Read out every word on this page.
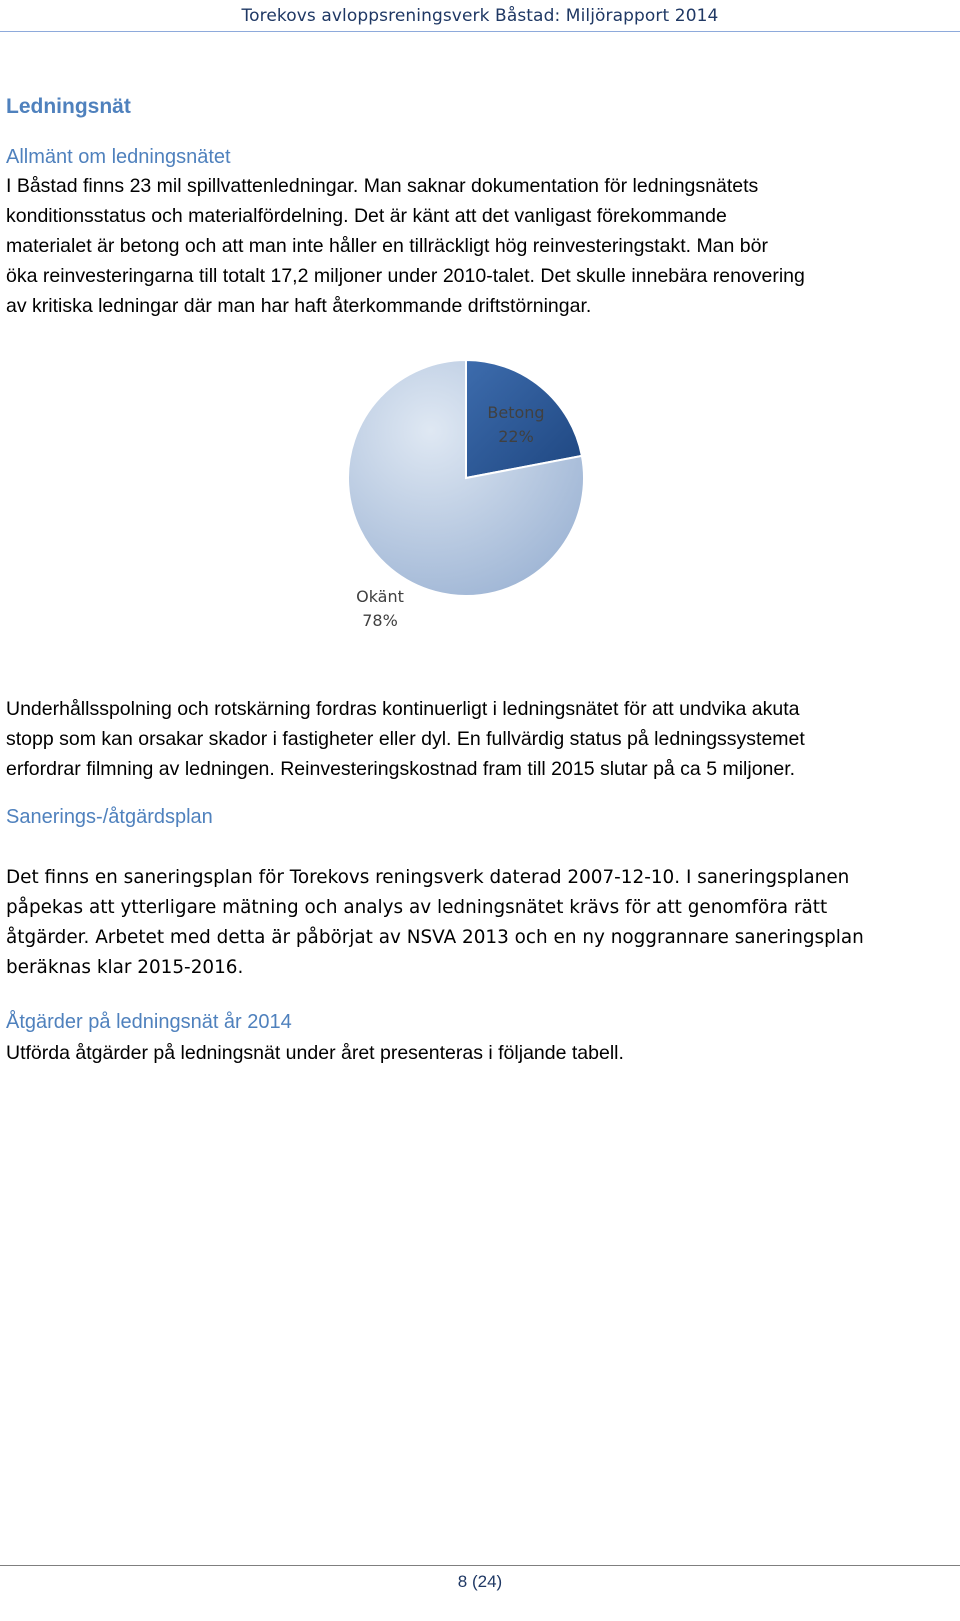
Torekovs avloppsreningsverk Båstad: Miljörapport 2014
Ledningsnät
Allmänt om ledningsnätet
I Båstad finns 23 mil spillvattenledningar. Man saknar dokumentation för ledningsnätets
konditionsstatus och materialfördelning. Det är känt att det vanligast förekommande
materialet är betong och att man inte håller en tillräckligt hög reinvesteringstakt. Man bör
öka reinvesteringarna till totalt 17,2 miljoner under 2010-talet. Det skulle innebära renovering
av kritiska ledningar där man har haft återkommande driftstörningar.
Betong
22%
Okänt
78%
Underhållsspolning och rotskärning fordras kontinuerligt i ledningsnätet för att undvika akuta
stopp som kan orsakar skador i fastigheter eller dyl. En fullvärdig status på ledningssystemet
erfordrar filmning av ledningen. Reinvesteringskostnad fram till 2015 slutar på ca 5 miljoner.
Sanerings-/åtgärdsplan
Det finns en saneringsplan för Torekovs reningsverk daterad 2007-12-10. I saneringsplanen
påpekas att ytterligare mätning och analys av ledningsnätet krävs för att genomföra rätt
åtgärder. Arbetet med detta är påbörjat av NSVA 2013 och en ny noggrannare saneringsplan
beräknas klar 2015-2016.
Åtgärder på ledningsnät år 2014
Utförda åtgärder på ledningsnät under året presenteras i följande tabell.
8 (24)
